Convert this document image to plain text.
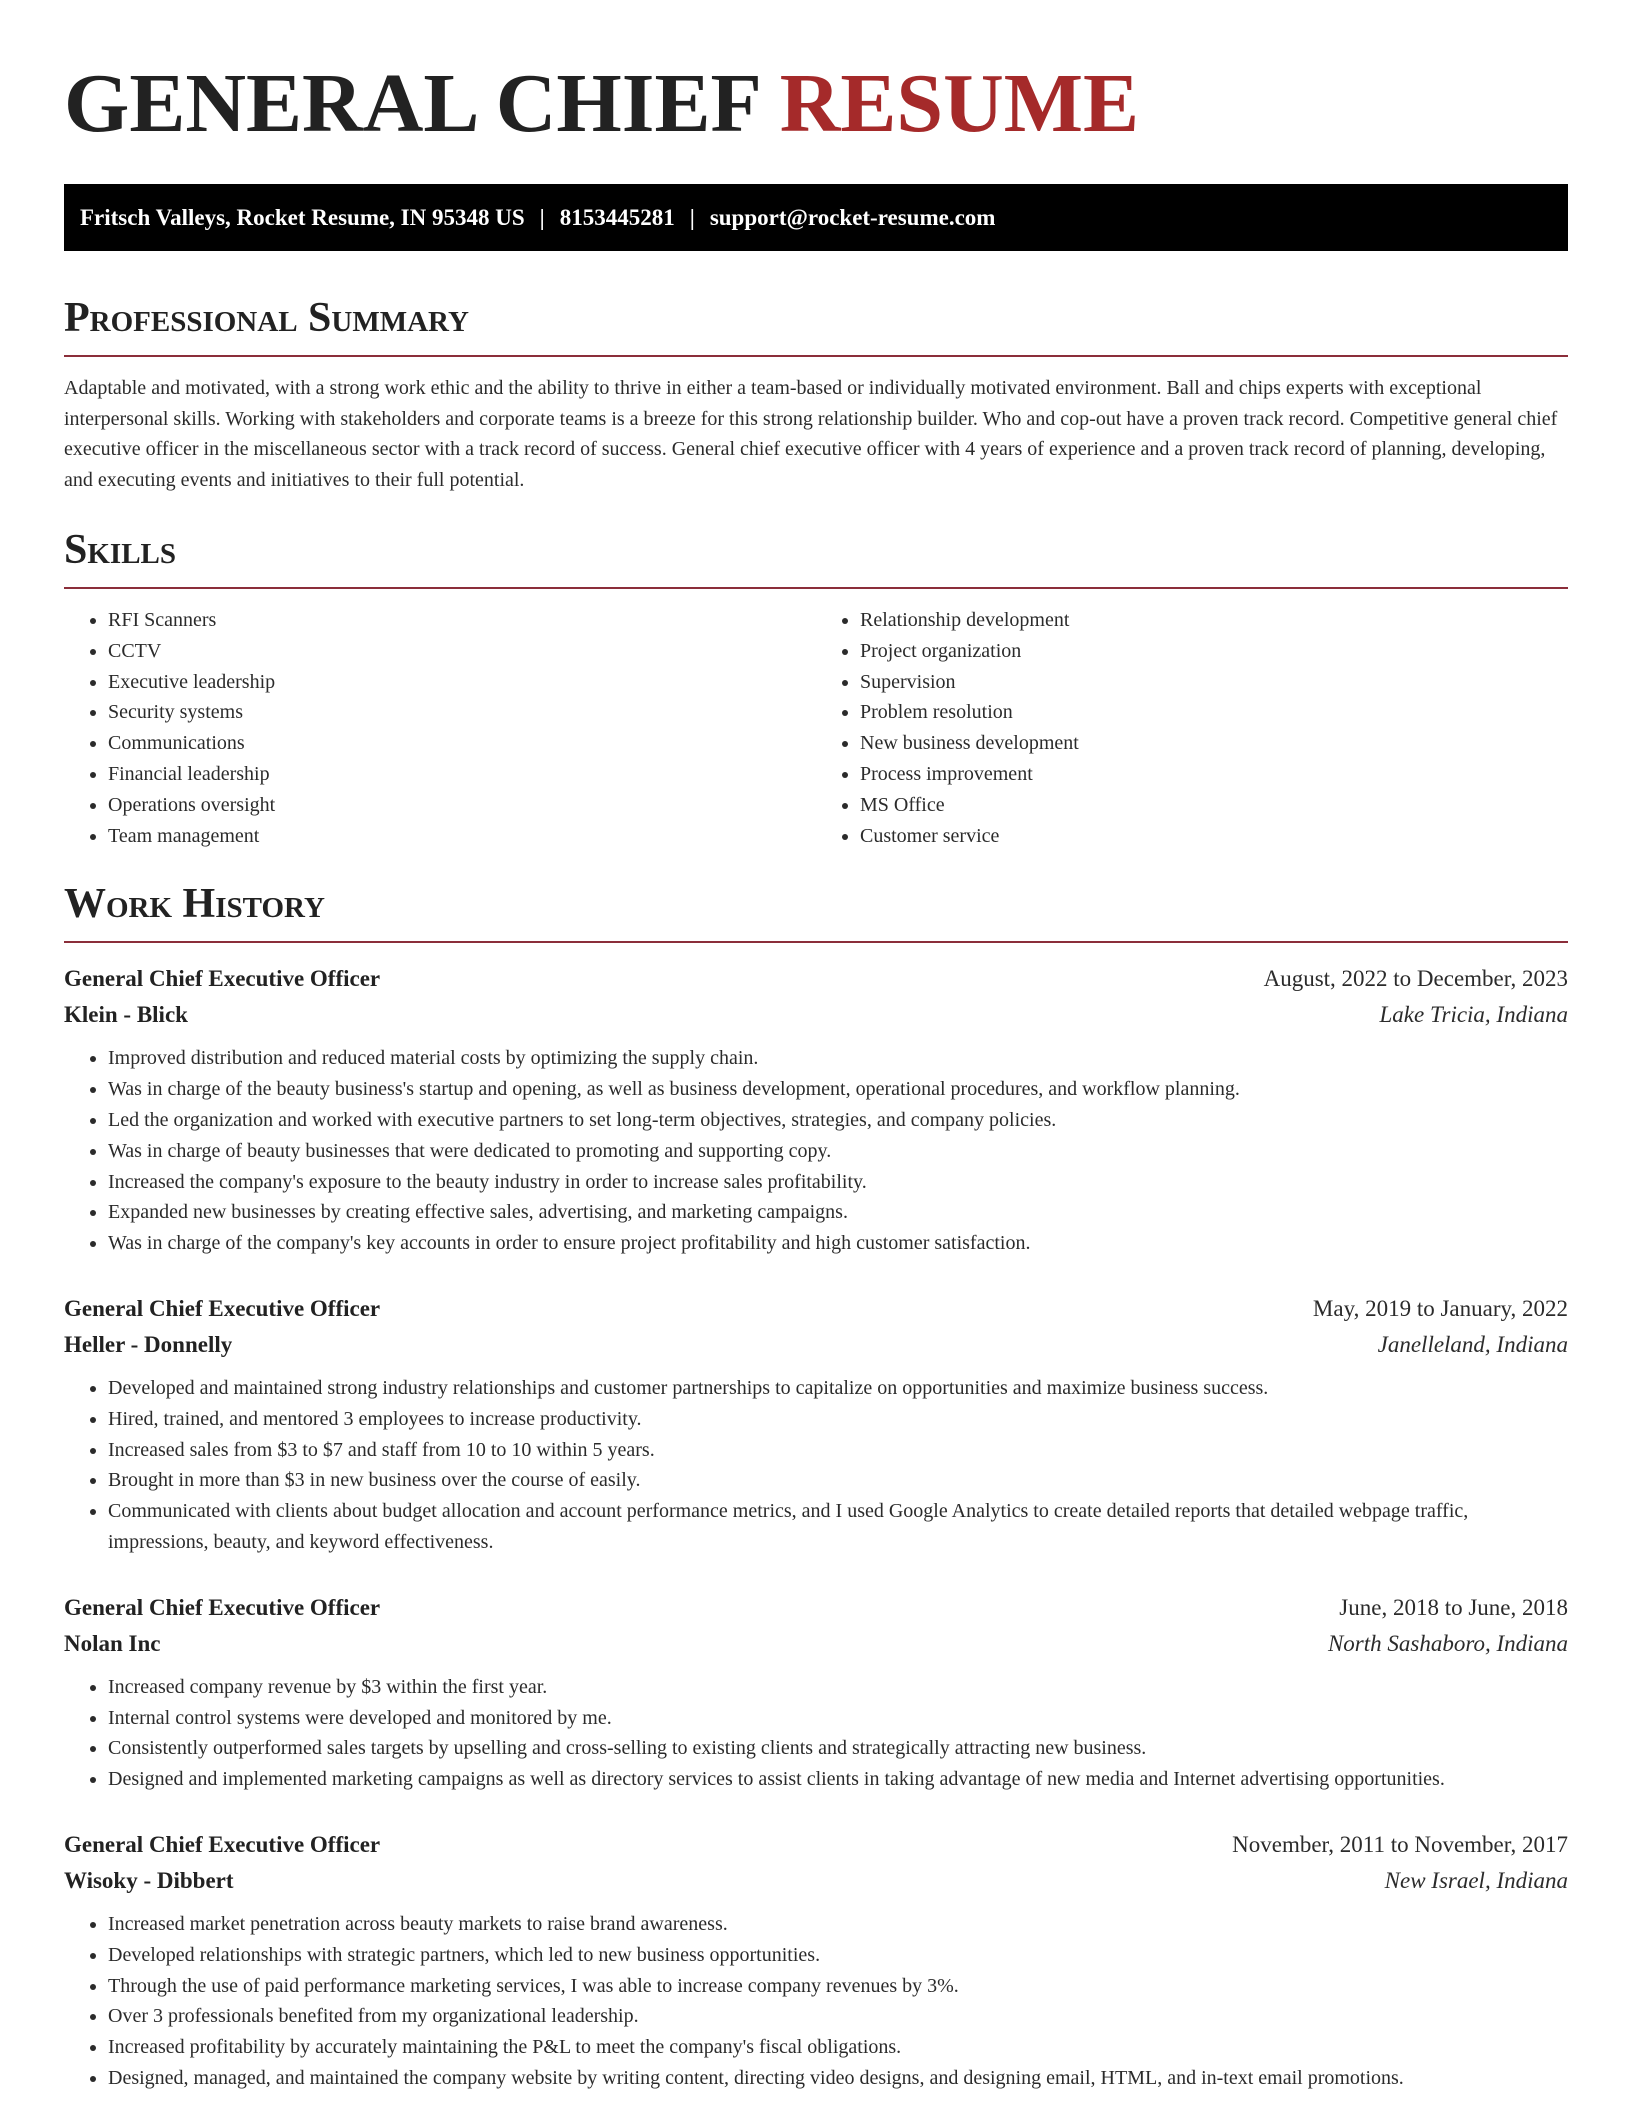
GENERAL CHIEF RESUME
Fritsch Valleys, Rocket Resume, IN 95348 US | 8153445281 | support@rocket-resume.com
Professional Summary

Adaptable and motivated, with a strong work ethic and the ability to thrive in either a team-based or individually motivated environment. Ball and chips experts with exceptional interpersonal skills. Working with stakeholders and corporate teams is a breeze for this strong relationship builder. Who and cop-out have a proven track record. Competitive general chief executive officer in the miscellaneous sector with a track record of success. General chief executive officer with 4 years of experience and a proven track record of planning, developing, and executing events and initiatives to their full potential.

Skills
• RFI Scanners
• CCTV
• Executive leadership
• Security systems
• Communications
• Financial leadership
• Operations oversight
• Team management
• Relationship development
• Project organization
• Supervision
• Problem resolution
• New business development
• Process improvement
• MS Office
• Customer service
Work History
General Chief Executive Officer	August, 2022 to December, 2023
Klein - Blick	Lake Tricia, Indiana
• Improved distribution and reduced material costs by optimizing the supply chain.
• Was in charge of the beauty business's startup and opening, as well as business development, operational procedures, and workflow planning.
• Led the organization and worked with executive partners to set long-term objectives, strategies, and company policies.
• Was in charge of beauty businesses that were dedicated to promoting and supporting copy.
• Increased the company's exposure to the beauty industry in order to increase sales profitability.
• Expanded new businesses by creating effective sales, advertising, and marketing campaigns.
• Was in charge of the company's key accounts in order to ensure project profitability and high customer satisfaction.
General Chief Executive Officer	May, 2019 to January, 2022
Heller - Donnelly	Janelleland, Indiana
• Developed and maintained strong industry relationships and customer partnerships to capitalize on opportunities and maximize business success.
• Hired, trained, and mentored 3 employees to increase productivity.
• Increased sales from $3 to $7 and staff from 10 to 10 within 5 years.
• Brought in more than $3 in new business over the course of easily.
• Communicated with clients about budget allocation and account performance metrics, and I used Google Analytics to create detailed reports that detailed webpage traffic, impressions, beauty, and keyword effectiveness.
General Chief Executive Officer	June, 2018 to June, 2018
Nolan Inc	North Sashaboro, Indiana
• Increased company revenue by $3 within the first year.
• Internal control systems were developed and monitored by me.
• Consistently outperformed sales targets by upselling and cross-selling to existing clients and strategically attracting new business.
• Designed and implemented marketing campaigns as well as directory services to assist clients in taking advantage of new media and Internet advertising opportunities.
General Chief Executive Officer	November, 2011 to November, 2017
Wisoky - Dibbert	New Israel, Indiana
• Increased market penetration across beauty markets to raise brand awareness.
• Developed relationships with strategic partners, which led to new business opportunities.
• Through the use of paid performance marketing services, I was able to increase company revenues by 3%.
• Over 3 professionals benefited from my organizational leadership.
• Increased profitability by accurately maintaining the P&L to meet the company's fiscal obligations.
• Designed, managed, and maintained the company website by writing content, directing video designs, and designing email, HTML, and in-text email promotions.
